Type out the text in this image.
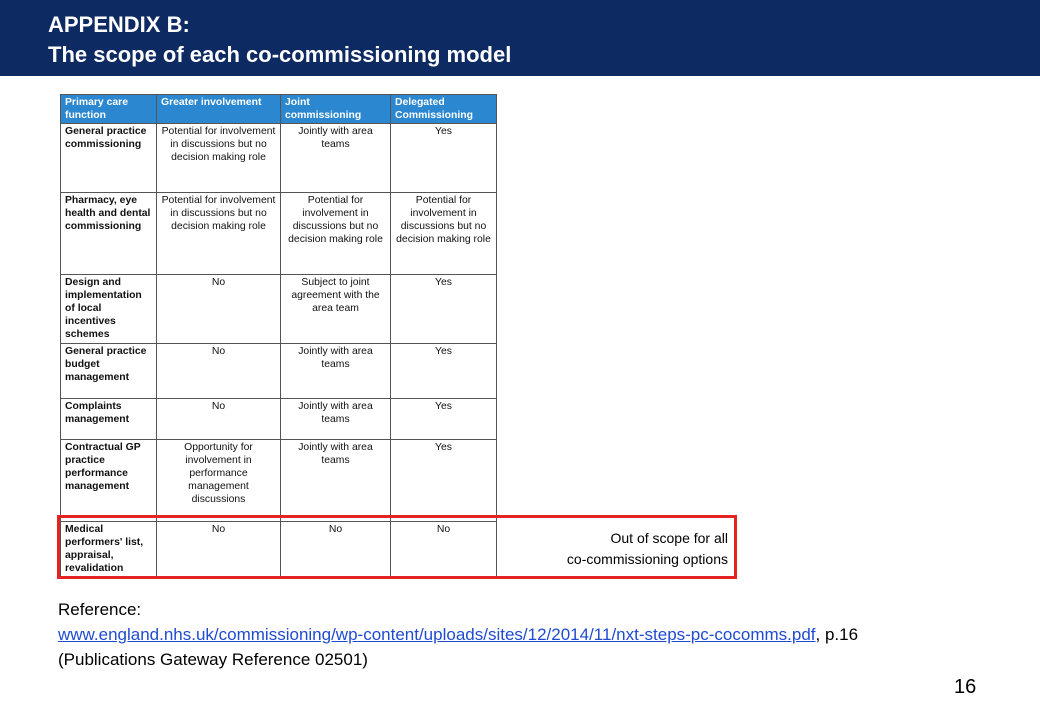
APPENDIX B:
The scope of each co-commissioning model
Primary care function	Greater involvement	Joint commissioning	Delegated Commissioning
General practice commissioning	Potential for involvement in discussions but no decision making role	Jointly with area teams	Yes
Pharmacy, eye health and dental commissioning	Potential for involvement in discussions but no decision making role	Potential for involvement in discussions but no decision making role	Potential for involvement in discussions but no decision making role
Design and implementation of local incentives schemes	No	Subject to joint agreement with the area team	Yes
General practice budget management	No	Jointly with area teams	Yes
Complaints management	No	Jointly with area teams	Yes
Contractual GP practice performance management	Opportunity for involvement in performance management discussions	Jointly with area teams	Yes
Medical performers' list, appraisal, revalidation	No	No	No
Out of scope for all
co-commissioning options
Reference:
www.england.nhs.uk/commissioning/wp-content/uploads/sites/12/2014/11/nxt-steps-pc-cocomms.pdf, p.16 (Publications Gateway Reference 02501)
16
